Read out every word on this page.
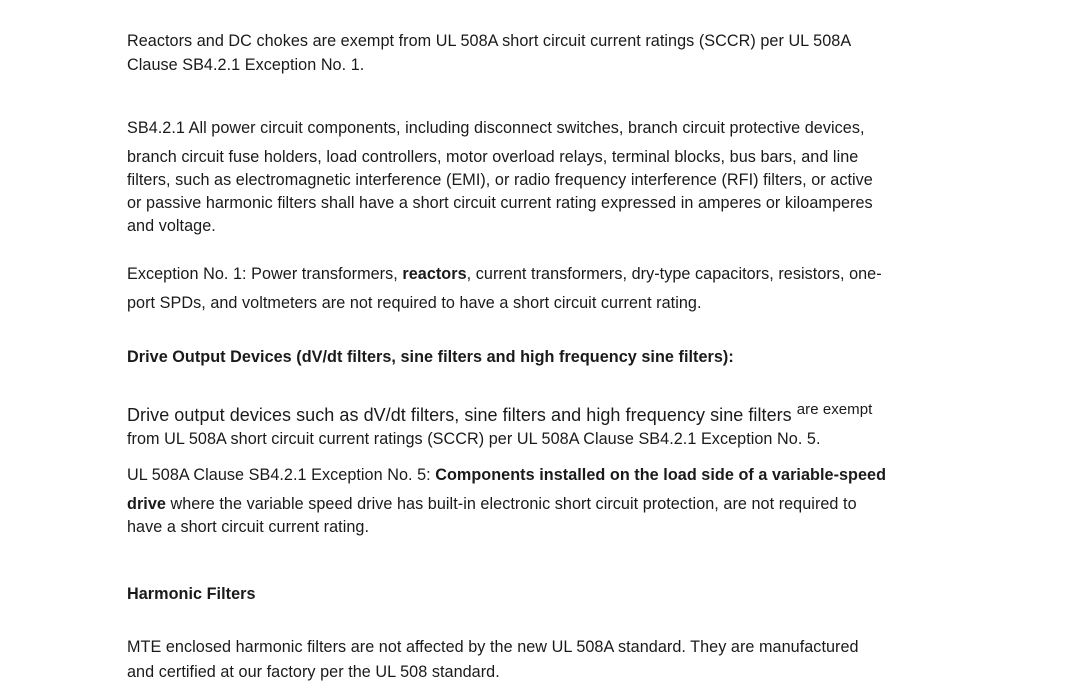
Reactors and DC chokes are exempt from UL 508A short circuit current ratings (SCCR) per UL 508A
Clause SB4.2.1 Exception No. 1.
SB4.2.1 All power circuit components, including disconnect switches, branch circuit protective devices,
branch circuit fuse holders, load controllers, motor overload relays, terminal blocks, bus bars, and line
filters, such as electromagnetic interference (EMI), or radio frequency interference (RFI) filters, or active
or passive harmonic filters shall have a short circuit current rating expressed in amperes or kiloamperes
and voltage.
Exception No. 1: Power transformers, reactors, current transformers, dry-type capacitors, resistors, one-
port SPDs, and voltmeters are not required to have a short circuit current rating.
Drive Output Devices (dV/dt filters, sine filters and high frequency sine filters):
Drive output devices such as dV/dt filters, sine filters and high frequency sine filters are exempt
from UL 508A short circuit current ratings (SCCR) per UL 508A Clause SB4.2.1 Exception No. 5.
UL 508A Clause SB4.2.1 Exception No. 5: Components installed on the load side of a variable-speed
drive where the variable speed drive has built-in electronic short circuit protection, are not required to
have a short circuit current rating.
Harmonic Filters
MTE enclosed harmonic filters are not affected by the new UL 508A standard. They are manufactured
and certified at our factory per the UL 508 standard.
